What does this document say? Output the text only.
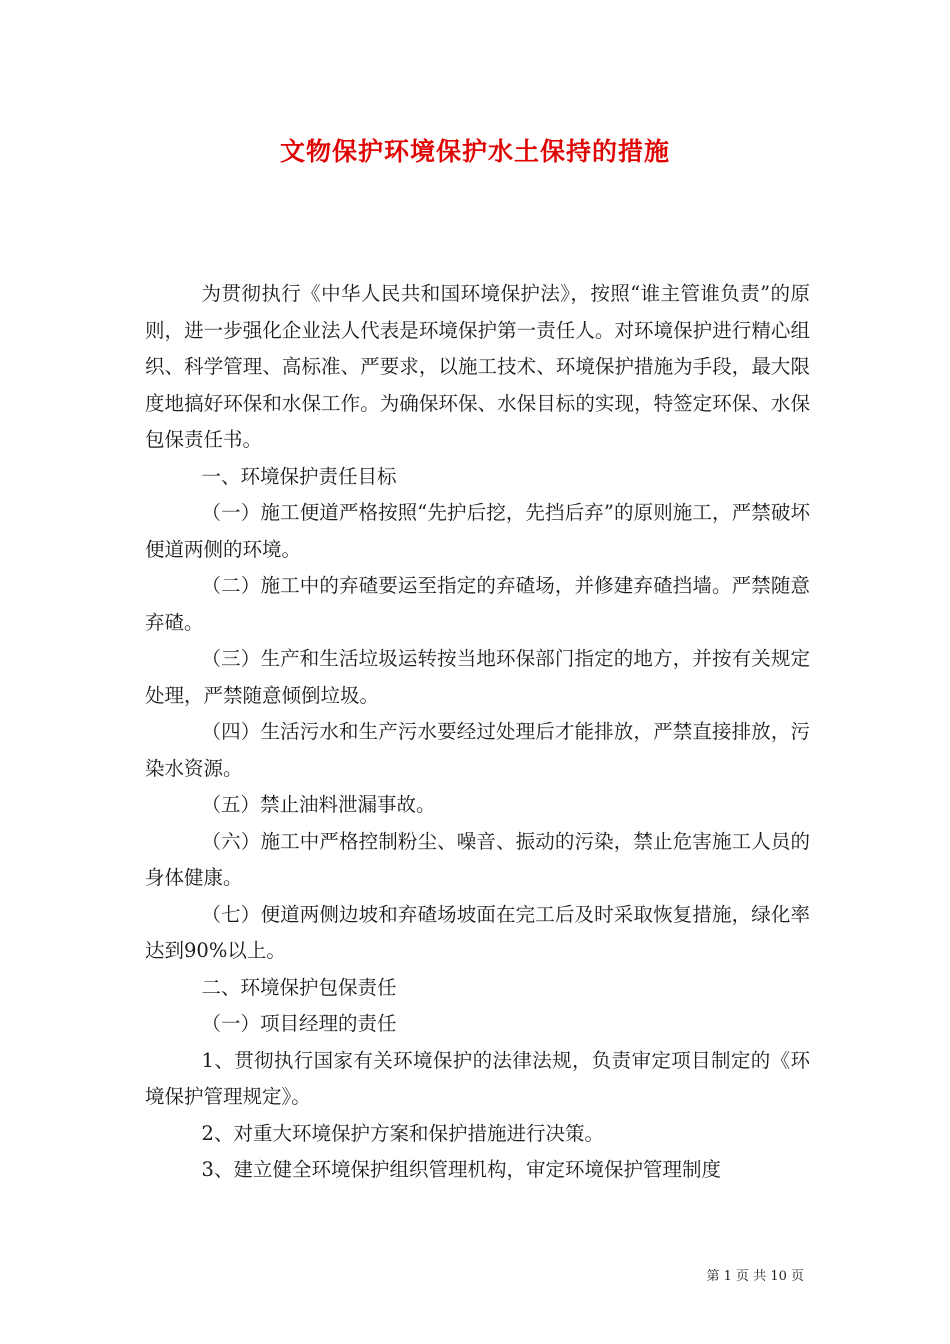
文物保护环境保护水土保持的措施

为贯彻执行《中华人民共和国环境保护法》，按照“谁主管谁负责”的原则，进一步强化企业法人代表是环境保护第一责任人。对环境保护进行精心组织、科学管理、高标准、严要求，以施工技术、环境保护措施为手段，最大限度地搞好环保和水保工作。为确保环保、水保目标的实现，特签定环保、水保包保责任书。

一、环境保护责任目标

（一）施工便道严格按照“先护后挖，先挡后弃”的原则施工，严禁破坏便道两侧的环境。

（二）施工中的弃碴要运至指定的弃碴场，并修建弃碴挡墙。严禁随意弃碴。

（三）生产和生活垃圾运转按当地环保部门指定的地方，并按有关规定处理，严禁随意倾倒垃圾。

（四）生活污水和生产污水要经过处理后才能排放，严禁直接排放，污染水资源。

（五）禁止油料泄漏事故。

（六）施工中严格控制粉尘、噪音、振动的污染，禁止危害施工人员的身体健康。

（七）便道两侧边坡和弃碴场坡面在完工后及时采取恢复措施，绿化率达到90%以上。

二、环境保护包保责任

（一）项目经理的责任

1、贯彻执行国家有关环境保护的法律法规，负责审定项目制定的《环境保护管理规定》。

2、对重大环境保护方案和保护措施进行决策。

3、建立健全环境保护组织管理机构，审定环境保护管理制度

第 1 页 共 10 页
